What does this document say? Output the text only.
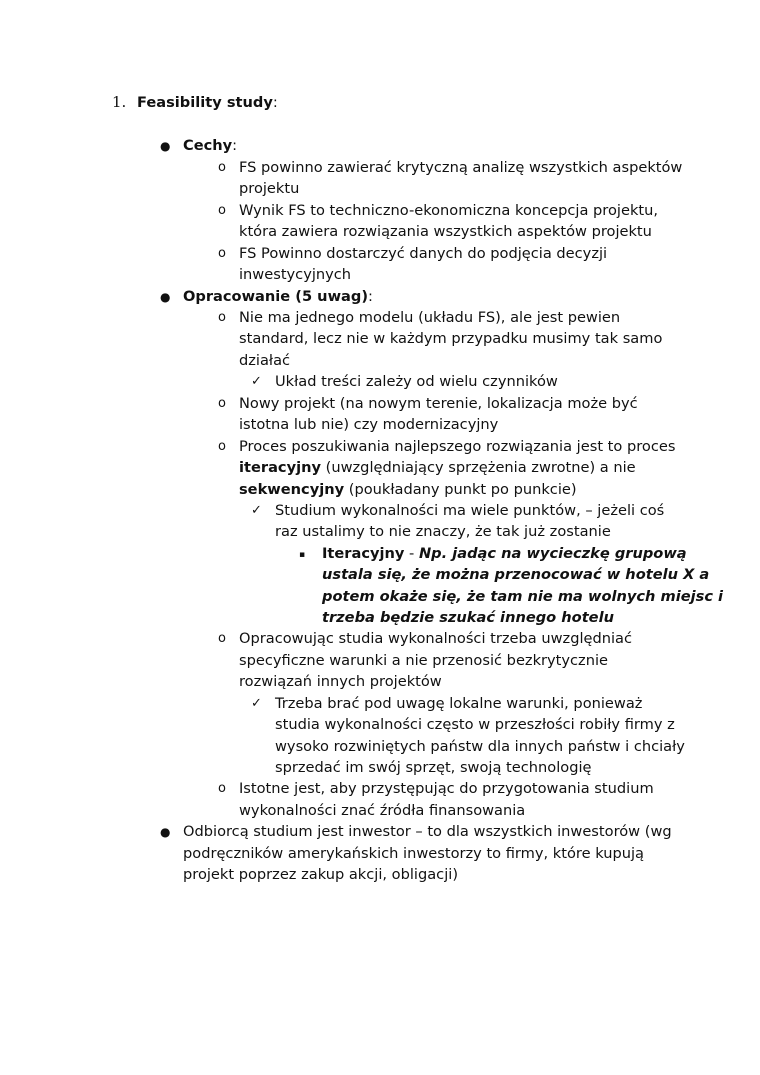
1. Feasibility study:
● Cechy:
o FS powinno zawierać krytyczną analizę wszystkich aspektów
projektu
o Wynik FS to techniczno-ekonomiczna koncepcja projektu,
która zawiera rozwiązania wszystkich aspektów projektu
o FS Powinno dostarczyć danych do podjęcia decyzji
inwestycyjnych
● Opracowanie (5 uwag):
o Nie ma jednego modelu (układu FS), ale jest pewien
standard, lecz nie w każdym przypadku musimy tak samo
działać
✓ Układ treści zależy od wielu czynników
o Nowy projekt (na nowym terenie, lokalizacja może być
istotna lub nie) czy modernizacyjny
o Proces poszukiwania najlepszego rozwiązania jest to proces
iteracyjny (uwzględniający sprzężenia zwrotne) a nie
sekwencyjny (poukładany punkt po punkcie)
✓ Studium wykonalności ma wiele punktów, – jeżeli coś
raz ustalimy to nie znaczy, że tak już zostanie
▪ Iteracyjny - Np. jadąc na wycieczkę grupową
ustala się, że można przenocować w hotelu X a
potem okaże się, że tam nie ma wolnych miejsc i
trzeba będzie szukać innego hotelu
o Opracowując studia wykonalności trzeba uwzględniać
specyficzne warunki a nie przenosić bezkrytycznie
rozwiązań innych projektów
✓ Trzeba brać pod uwagę lokalne warunki, ponieważ
studia wykonalności często w przeszłości robiły firmy z
wysoko rozwiniętych państw dla innych państw i chciały
sprzedać im swój sprzęt, swoją technologię
o Istotne jest, aby przystępując do przygotowania studium
wykonalności znać źródła finansowania
● Odbiorcą studium jest inwestor – to dla wszystkich inwestorów (wg
podręczników amerykańskich inwestorzy to firmy, które kupują
projekt poprzez zakup akcji, obligacji)
